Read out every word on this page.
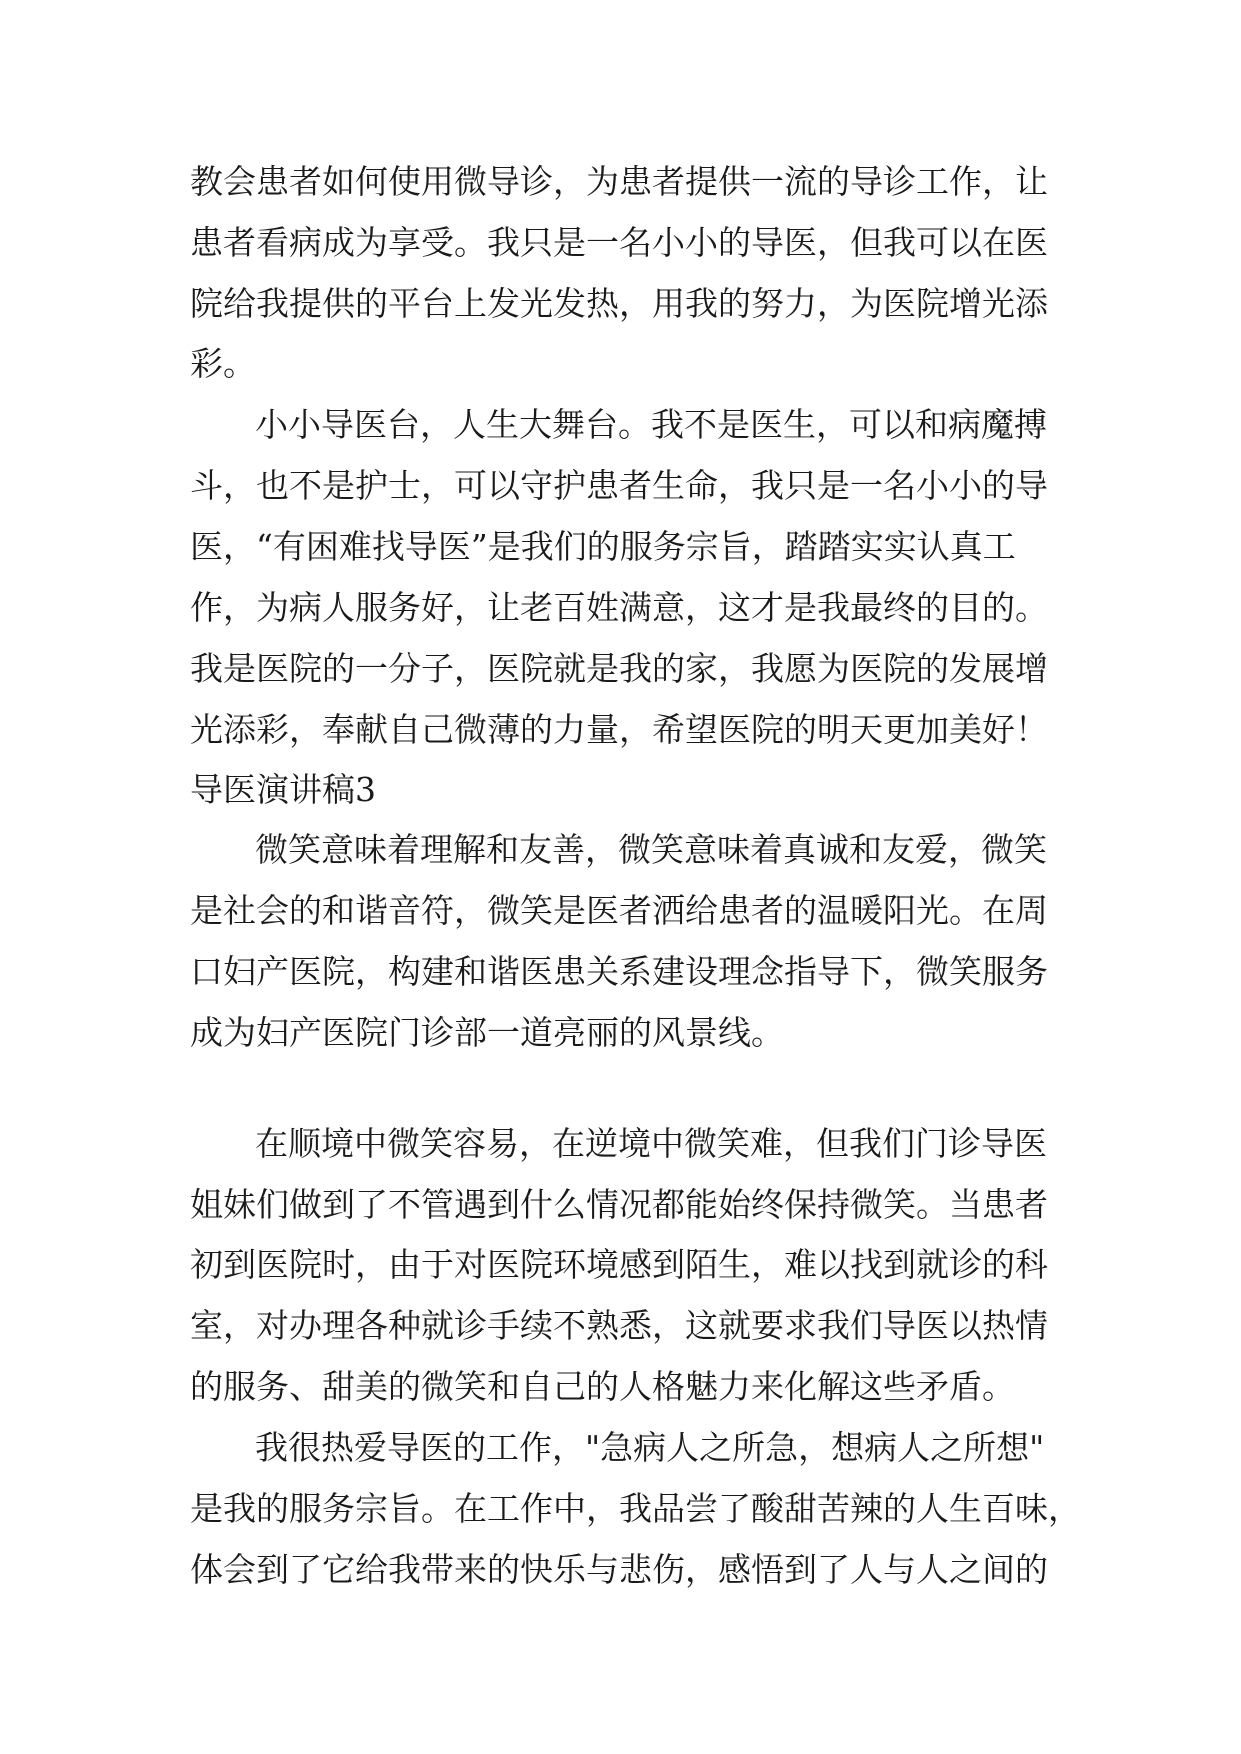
教会患者如何使用微导诊，为患者提供一流的导诊工作，让
患者看病成为享受。我只是一名小小的导医，但我可以在医
院给我提供的平台上发光发热，用我的努力，为医院增光添
彩。
小小导医台，人生大舞台。我不是医生，可以和病魔搏
斗，也不是护士，可以守护患者生命，我只是一名小小的导
医，“有困难找导医”是我们的服务宗旨，踏踏实实认真工
作，为病人服务好，让老百姓满意，这才是我最终的目的。
我是医院的一分子，医院就是我的家，我愿为医院的发展增
光添彩，奉献自己微薄的力量，希望医院的明天更加美好！
导医演讲稿3
微笑意味着理解和友善，微笑意味着真诚和友爱，微笑
是社会的和谐音符，微笑是医者洒给患者的温暖阳光。在周
口妇产医院，构建和谐医患关系建设理念指导下，微笑服务
成为妇产医院门诊部一道亮丽的风景线。
在顺境中微笑容易，在逆境中微笑难，但我们门诊导医
姐妹们做到了不管遇到什么情况都能始终保持微笑。当患者
初到医院时，由于对医院环境感到陌生，难以找到就诊的科
室，对办理各种就诊手续不熟悉，这就要求我们导医以热情
的服务、甜美的微笑和自己的人格魅力来化解这些矛盾。
我很热爱导医的工作，"急病人之所急，想病人之所想"
是我的服务宗旨。在工作中，我品尝了酸甜苦辣的人生百味，
体会到了它给我带来的快乐与悲伤，感悟到了人与人之间的
